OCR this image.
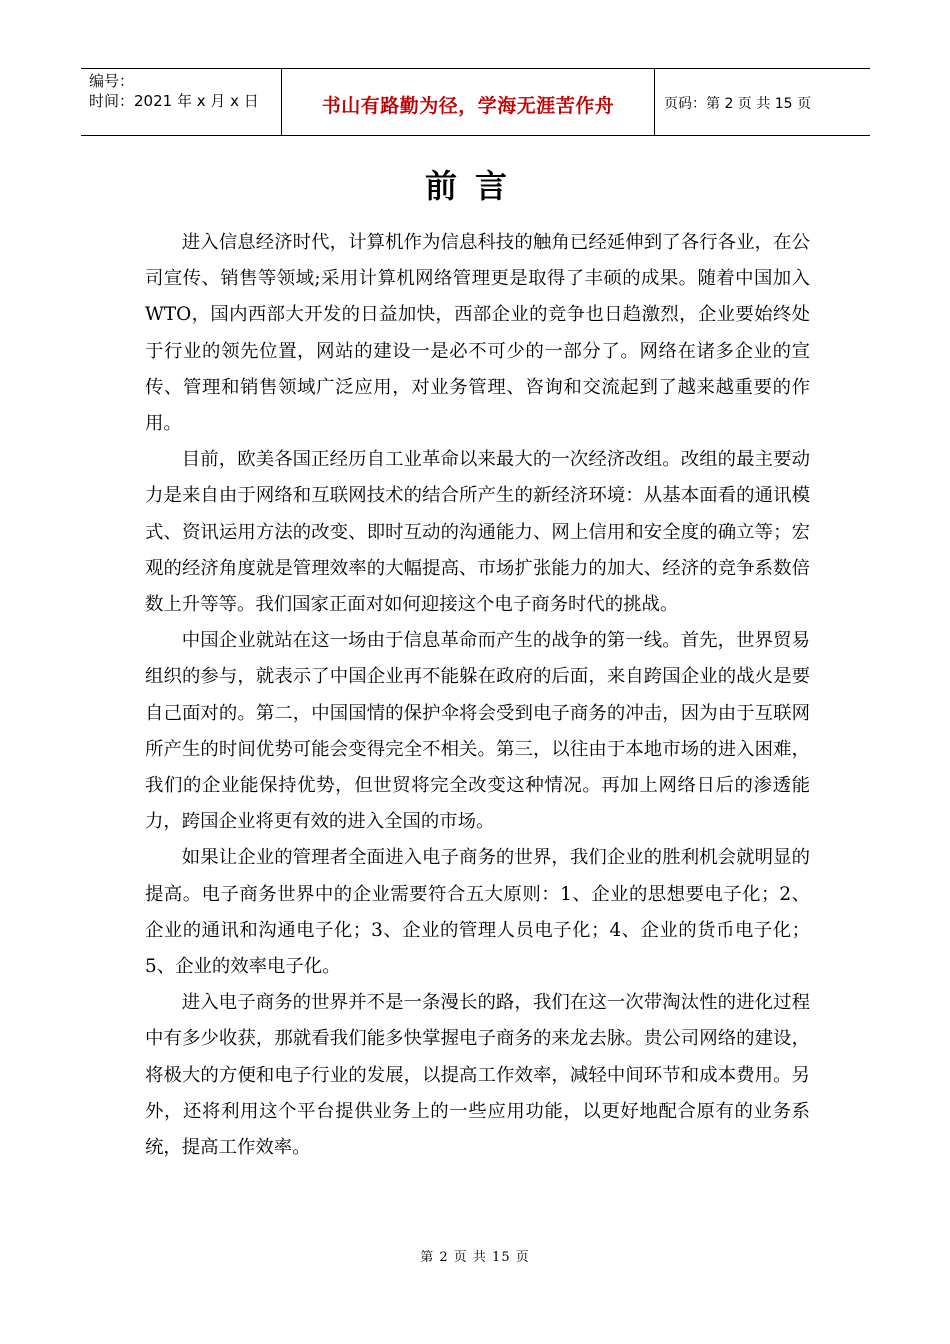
编号：
时间：2021 年 x 月 x 日	书山有路勤为径，学海无涯苦作舟	页码：第 2 页 共 15 页
前言

进入信息经济时代，计算机作为信息科技的触角已经延伸到了各行各业，在公司宣传、销售等领域;采用计算机网络管理更是取得了丰硕的成果。随着中国加入WTO，国内西部大开发的日益加快，西部企业的竞争也日趋激烈，企业要始终处于行业的领先位置，网站的建设一是必不可少的一部分了。网络在诸多企业的宣传、管理和销售领域广泛应用，对业务管理、咨询和交流起到了越来越重要的作用。

目前，欧美各国正经历自工业革命以来最大的一次经济改组。改组的最主要动力是来自由于网络和互联网技术的结合所产生的新经济环境：从基本面看的通讯模式、资讯运用方法的改变、即时互动的沟通能力、网上信用和安全度的确立等；宏观的经济角度就是管理效率的大幅提高、市场扩张能力的加大、经济的竞争系数倍数上升等等。我们国家正面对如何迎接这个电子商务时代的挑战。

中国企业就站在这一场由于信息革命而产生的战争的第一线。首先，世界贸易组织的参与，就表示了中国企业再不能躲在政府的后面，来自跨国企业的战火是要自己面对的。第二，中国国情的保护伞将会受到电子商务的冲击，因为由于互联网所产生的时间优势可能会变得完全不相关。第三，以往由于本地市场的进入困难，我们的企业能保持优势，但世贸将完全改变这种情况。再加上网络日后的渗透能力，跨国企业将更有效的进入全国的市场。

如果让企业的管理者全面进入电子商务的世界，我们企业的胜利机会就明显的提高。电子商务世界中的企业需要符合五大原则：1、企业的思想要电子化；2、企业的通讯和沟通电子化；3、企业的管理人员电子化；4、企业的货币电子化；5、企业的效率电子化。

进入电子商务的世界并不是一条漫长的路，我们在这一次带淘汰性的进化过程中有多少收获，那就看我们能多快掌握电子商务的来龙去脉。贵公司网络的建设，将极大的方便和电子行业的发展，以提高工作效率，减轻中间环节和成本费用。另外，还将利用这个平台提供业务上的一些应用功能，以更好地配合原有的业务系统，提高工作效率。

第 2 页 共 15 页
